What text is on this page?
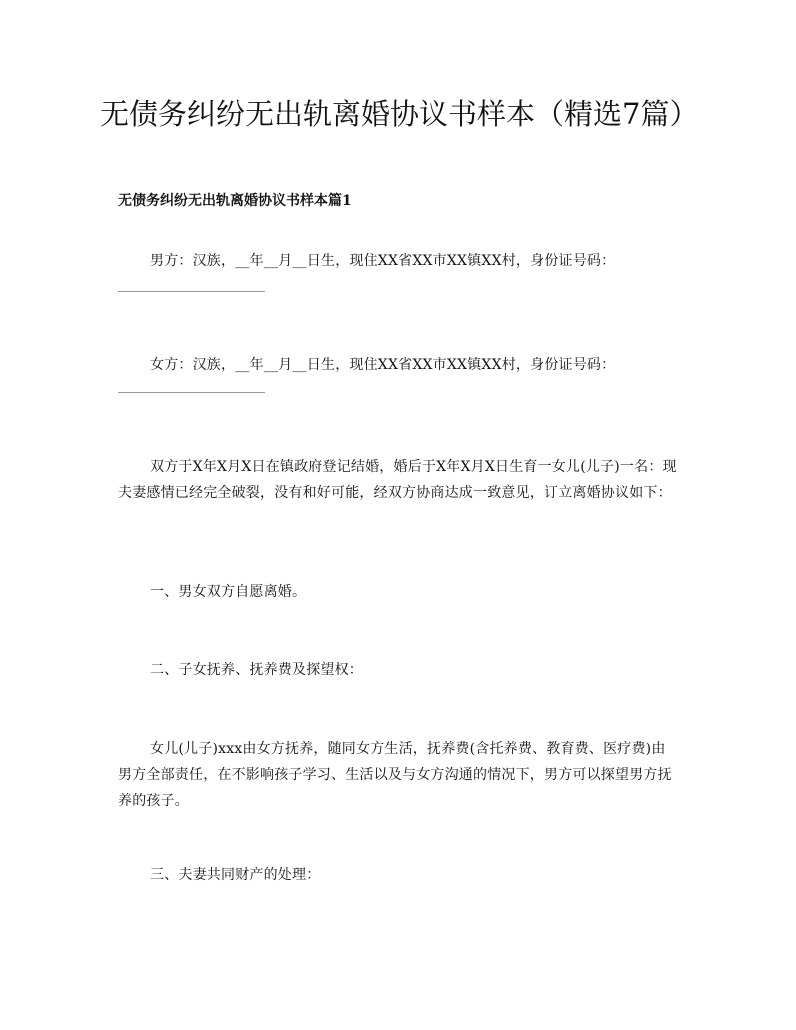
无债务纠纷无出轨离婚协议书样本（精选7篇）
无债务纠纷无出轨离婚协议书样本篇1

男方：汉族，__年__月__日生，现住XX省XX市XX镇XX村，身份证号码：

女方：汉族，__年__月__日生，现住XX省XX市XX镇XX村，身份证号码：

双方于X年X月X日在镇政府登记结婚，婚后于X年X月X日生育一女儿(儿子)一名：现夫妻感情已经完全破裂，没有和好可能，经双方协商达成一致意见，订立离婚协议如下：

一、男女双方自愿离婚。

二、子女抚养、抚养费及探望权：

女儿(儿子)xxx由女方抚养，随同女方生活，抚养费(含托养费、教育费、医疗费)由男方全部责任，在不影响孩子学习、生活以及与女方沟通的情况下，男方可以探望男方抚养的孩子。

三、夫妻共同财产的处理：
